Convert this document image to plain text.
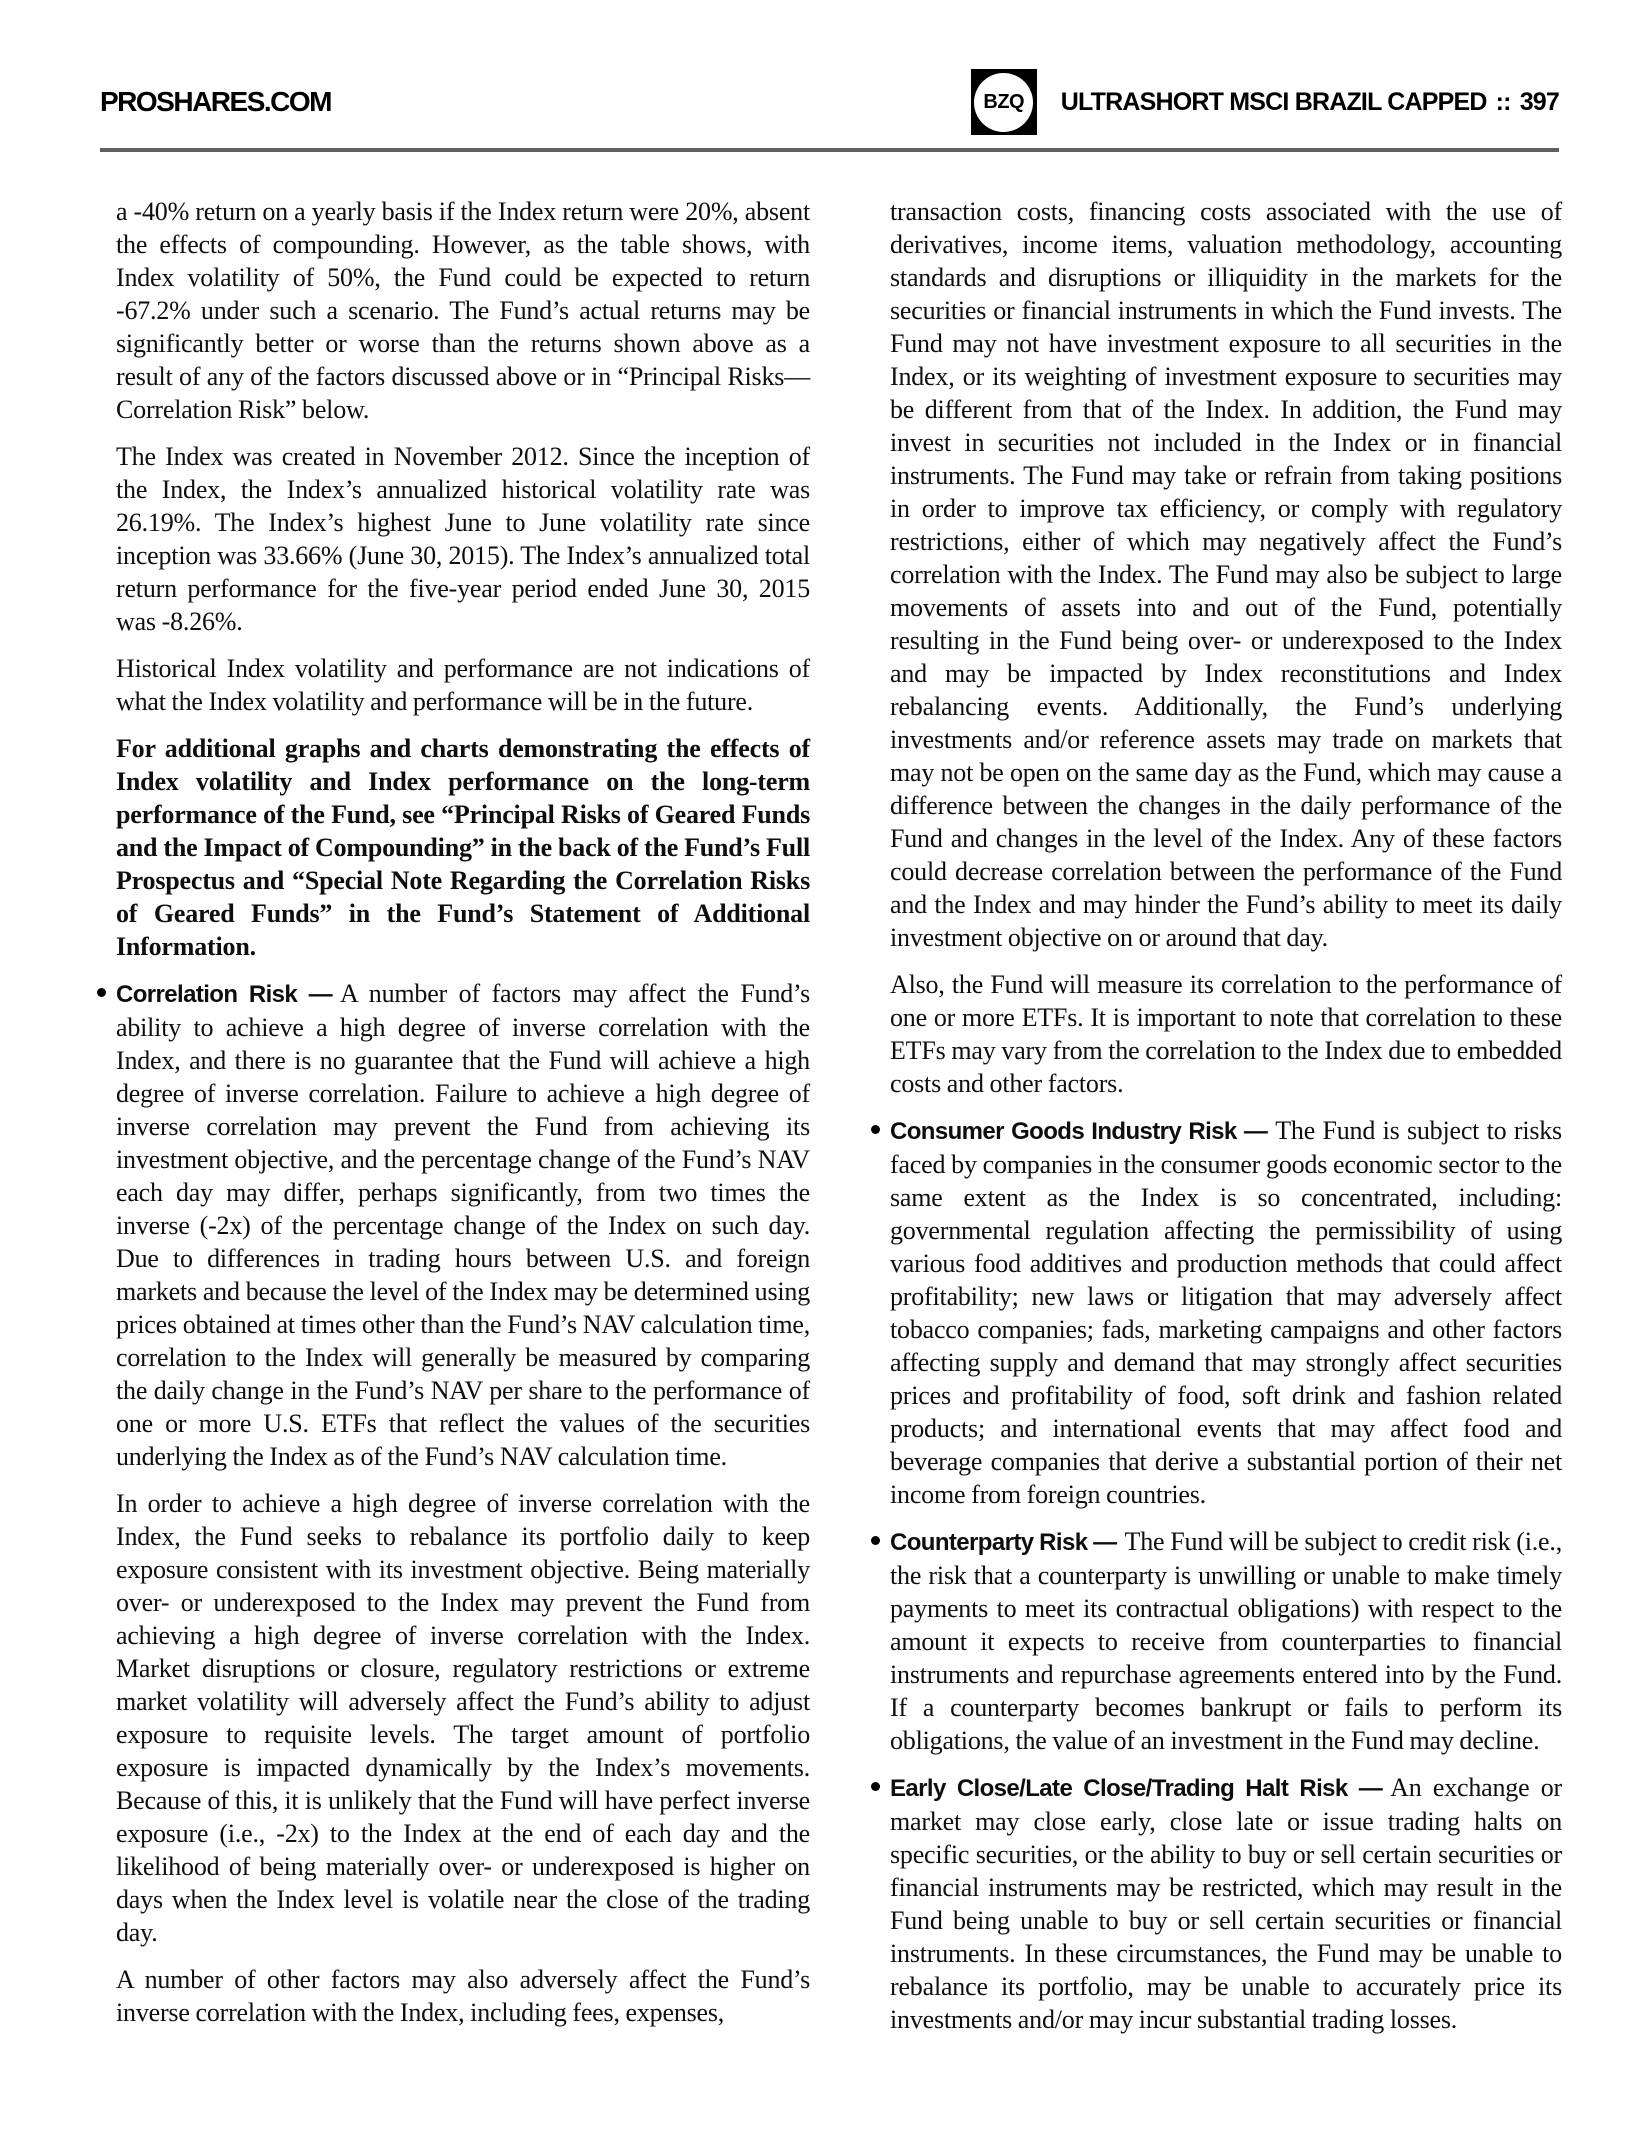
PROSHARES.COM	BZQ ULTRASHORT MSCI BRAZIL CAPPED :: 397

a -40% return on a yearly basis if the Index return were 20%, absent the effects of compounding. However, as the table shows, with Index volatility of 50%, the Fund could be expected to return -67.2% under such a scenario. The Fund’s actual returns may be significantly better or worse than the returns shown above as a result of any of the factors discussed above or in “Principal Risks—Correlation Risk” below.

The Index was created in November 2012. Since the inception of the Index, the Index’s annualized historical volatility rate was 26.19%. The Index’s highest June to June volatility rate since inception was 33.66% (June 30, 2015). The Index’s annualized total return performance for the five-year period ended June 30, 2015 was -8.26%.

Historical Index volatility and performance are not indications of what the Index volatility and performance will be in the future.

For additional graphs and charts demonstrating the effects of Index volatility and Index performance on the long-term performance of the Fund, see “Principal Risks of Geared Funds and the Impact of Compounding” in the back of the Fund’s Full Prospectus and “Special Note Regarding the Correlation Risks of Geared Funds” in the Fund’s Statement of Additional Information.

Correlation Risk — A number of factors may affect the Fund’s ability to achieve a high degree of inverse correlation with the Index, and there is no guarantee that the Fund will achieve a high degree of inverse correlation. Failure to achieve a high degree of inverse correlation may prevent the Fund from achieving its investment objective, and the percentage change of the Fund’s NAV each day may differ, perhaps significantly, from two times the inverse (-2x) of the percentage change of the Index on such day. Due to differences in trading hours between U.S. and foreign markets and because the level of the Index may be determined using prices obtained at times other than the Fund’s NAV calculation time, correlation to the Index will generally be measured by comparing the daily change in the Fund’s NAV per share to the performance of one or more U.S. ETFs that reflect the values of the securities underlying the Index as of the Fund’s NAV calculation time.

In order to achieve a high degree of inverse correlation with the Index, the Fund seeks to rebalance its portfolio daily to keep exposure consistent with its investment objective. Being materially over- or underexposed to the Index may prevent the Fund from achieving a high degree of inverse correlation with the Index. Market disruptions or closure, regulatory restrictions or extreme market volatility will adversely affect the Fund’s ability to adjust exposure to requisite levels. The target amount of portfolio exposure is impacted dynamically by the Index’s movements. Because of this, it is unlikely that the Fund will have perfect inverse exposure (i.e., -2x) to the Index at the end of each day and the likelihood of being materially over- or underexposed is higher on days when the Index level is volatile near the close of the trading day.

A number of other factors may also adversely affect the Fund’s inverse correlation with the Index, including fees, expenses,

transaction costs, financing costs associated with the use of derivatives, income items, valuation methodology, accounting standards and disruptions or illiquidity in the markets for the securities or financial instruments in which the Fund invests. The Fund may not have investment exposure to all securities in the Index, or its weighting of investment exposure to securities may be different from that of the Index. In addition, the Fund may invest in securities not included in the Index or in financial instruments. The Fund may take or refrain from taking positions in order to improve tax efficiency, or comply with regulatory restrictions, either of which may negatively affect the Fund’s correlation with the Index. The Fund may also be subject to large movements of assets into and out of the Fund, potentially resulting in the Fund being over- or underexposed to the Index and may be impacted by Index reconstitutions and Index rebalancing events. Additionally, the Fund’s underlying investments and/or reference assets may trade on markets that may not be open on the same day as the Fund, which may cause a difference between the changes in the daily performance of the Fund and changes in the level of the Index. Any of these factors could decrease correlation between the performance of the Fund and the Index and may hinder the Fund’s ability to meet its daily investment objective on or around that day.

Also, the Fund will measure its correlation to the performance of one or more ETFs. It is important to note that correlation to these ETFs may vary from the correlation to the Index due to embedded costs and other factors.

Consumer Goods Industry Risk — The Fund is subject to risks faced by companies in the consumer goods economic sector to the same extent as the Index is so concentrated, including: governmental regulation affecting the permissibility of using various food additives and production methods that could affect profitability; new laws or litigation that may adversely affect tobacco companies; fads, marketing campaigns and other factors affecting supply and demand that may strongly affect securities prices and profitability of food, soft drink and fashion related products; and international events that may affect food and beverage companies that derive a substantial portion of their net income from foreign countries.
Counterparty Risk — The Fund will be subject to credit risk (i.e., the risk that a counterparty is unwilling or unable to make timely payments to meet its contractual obligations) with respect to the amount it expects to receive from counterparties to financial instruments and repurchase agreements entered into by the Fund. If a counterparty becomes bankrupt or fails to perform its obligations, the value of an investment in the Fund may decline.
Early Close/Late Close/Trading Halt Risk — An exchange or market may close early, close late or issue trading halts on specific securities, or the ability to buy or sell certain securities or financial instruments may be restricted, which may result in the Fund being unable to buy or sell certain securities or financial instruments. In these circumstances, the Fund may be unable to rebalance its portfolio, may be unable to accurately price its investments and/or may incur substantial trading losses.
